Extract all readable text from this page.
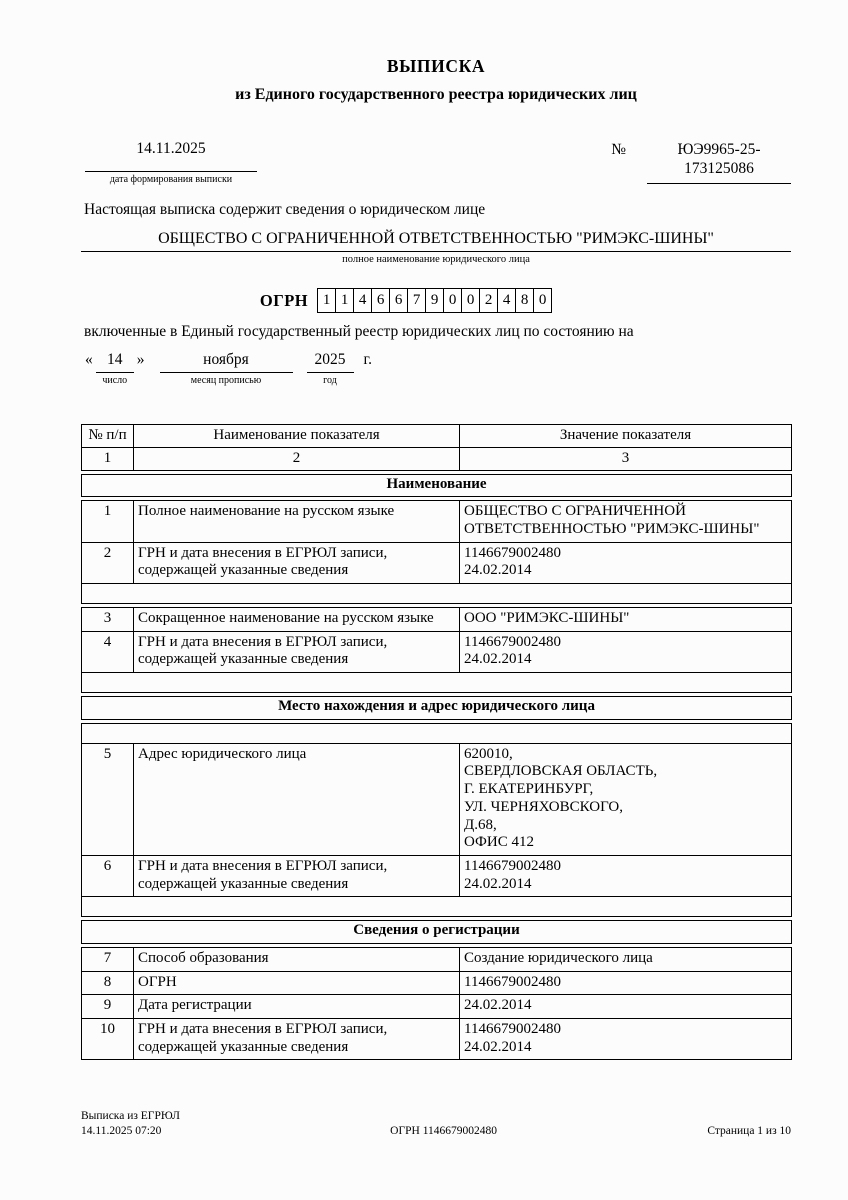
ВЫПИСКА
из Единого государственного реестра юридических лиц
14.11.2025
дата формирования выписки
№	ЮЭ9965-25-
173125086
Настоящая выписка содержит сведения о юридическом лице
ОБЩЕСТВО С ОГРАНИЧЕННОЙ ОТВЕТСТВЕННОСТЬЮ "РИМЭКС-ШИНЫ"
полное наименование юридического лица
ОГРН 1 1 4 6 6 7 9 0 0 2 4 8 0
включенные в Единый государственный реестр юридических лиц по состоянию на
« 14
число
»	ноября
месяц прописью
2025
год
г.
№ п/п	Наименование показателя	Значение показателя
1	2	3
Наименование
1	Полное наименование на русском языке	ОБЩЕСТВО С ОГРАНИЧЕННОЙ ОТВЕТСТВЕННОСТЬЮ "РИМЭКС-ШИНЫ"

2	ГРН и дата внесения в ЕГРЮЛ записи, содержащей указанные сведения	1146679002480
24.02.2014

3	Сокращенное наименование на русском языке	ООО "РИМЭКС-ШИНЫ"

4	ГРН и дата внесения в ЕГРЮЛ записи, содержащей указанные сведения	1146679002480
24.02.2014

Место нахождения и адрес юридического лица

5	Адрес юридического лица	620010,
СВЕРДЛОВСКАЯ ОБЛАСТЬ,
Г. ЕКАТЕРИНБУРГ,
УЛ. ЧЕРНЯХОВСКОГО,
Д.68,
ОФИС 412

6	ГРН и дата внесения в ЕГРЮЛ записи, содержащей указанные сведения	1146679002480
24.02.2014

Сведения о регистрации
7	Способ образования	Создание юридического лица

8	ОГРН	1146679002480

9	Дата регистрации	24.02.2014

10	ГРН и дата внесения в ЕГРЮЛ записи, содержащей указанные сведения	1146679002480
24.02.2014
Выписка из ЕГРЮЛ
14.11.2025 07:20	ОГРН 1146679002480	Страница 1 из 10
